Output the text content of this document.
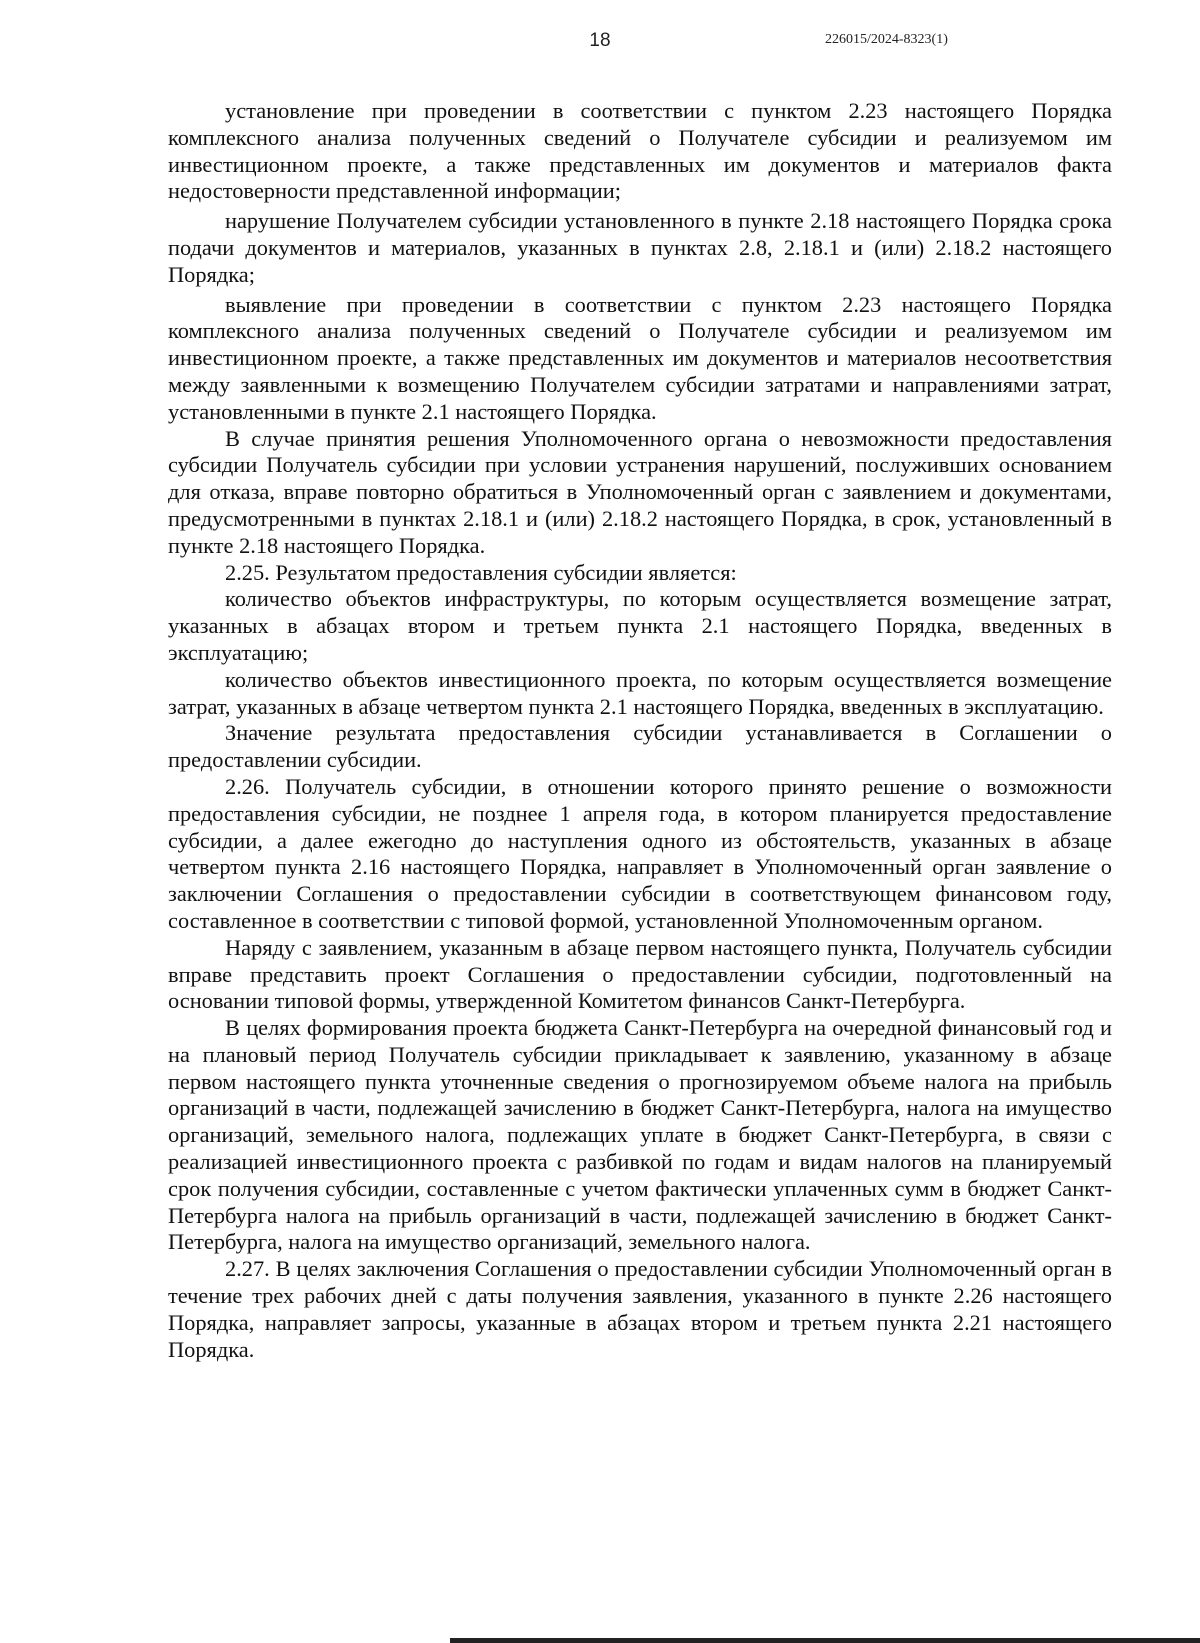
18	226015/2024-8323(1)

установление при проведении в соответствии с пунктом 2.23 настоящего Порядка комплексного анализа полученных сведений о Получателе субсидии и реализуемом им инвестиционном проекте, а также представленных им документов и материалов факта недостоверности представленной информации;

нарушение Получателем субсидии установленного в пункте 2.18 настоящего Порядка срока подачи документов и материалов, указанных в пунктах 2.8, 2.18.1 и (или) 2.18.2 настоящего Порядка;

выявление при проведении в соответствии с пунктом 2.23 настоящего Порядка комплексного анализа полученных сведений о Получателе субсидии и реализуемом им инвестиционном проекте, а также представленных им документов и материалов несоответствия между заявленными к возмещению Получателем субсидии затратами и направлениями затрат, установленными в пункте 2.1 настоящего Порядка.

В случае принятия решения Уполномоченного органа о невозможности предоставления субсидии Получатель субсидии при условии устранения нарушений, послуживших основанием для отказа, вправе повторно обратиться в Уполномоченный орган с заявлением и документами, предусмотренными в пунктах 2.18.1 и (или) 2.18.2 настоящего Порядка, в срок, установленный в пункте 2.18 настоящего Порядка.

2.25. Результатом предоставления субсидии является:

количество объектов инфраструктуры, по которым осуществляется возмещение затрат, указанных в абзацах втором и третьем пункта 2.1 настоящего Порядка, введенных в эксплуатацию;

количество объектов инвестиционного проекта, по которым осуществляется возмещение затрат, указанных в абзаце четвертом пункта 2.1 настоящего Порядка, введенных в эксплуатацию.

Значение результата предоставления субсидии устанавливается в Соглашении о предоставлении субсидии.

2.26. Получатель субсидии, в отношении которого принято решение о возможности предоставления субсидии, не позднее 1 апреля года, в котором планируется предоставление субсидии, а далее ежегодно до наступления одного из обстоятельств, указанных в абзаце четвертом пункта 2.16 настоящего Порядка, направляет в Уполномоченный орган заявление о заключении Соглашения о предоставлении субсидии в соответствующем финансовом году, составленное в соответствии с типовой формой, установленной Уполномоченным органом.

Наряду с заявлением, указанным в абзаце первом настоящего пункта, Получатель субсидии вправе представить проект Соглашения о предоставлении субсидии, подготовленный на основании типовой формы, утвержденной Комитетом финансов Санкт-Петербурга.

В целях формирования проекта бюджета Санкт-Петербурга на очередной финансовый год и на плановый период Получатель субсидии прикладывает к заявлению, указанному в абзаце первом настоящего пункта уточненные сведения о прогнозируемом объеме налога на прибыль организаций в части, подлежащей зачислению в бюджет Санкт-Петербурга, налога на имущество организаций, земельного налога, подлежащих уплате в бюджет Санкт-Петербурга, в связи с реализацией инвестиционного проекта с разбивкой по годам и видам налогов на планируемый срок получения субсидии, составленные с учетом фактически уплаченных сумм в бюджет Санкт-Петербурга налога на прибыль организаций в части, подлежащей зачислению в бюджет Санкт-Петербурга, налога на имущество организаций, земельного налога.

2.27. В целях заключения Соглашения о предоставлении субсидии Уполномоченный орган в течение трех рабочих дней с даты получения заявления, указанного в пункте 2.26 настоящего Порядка, направляет запросы, указанные в абзацах втором и третьем пункта 2.21 настоящего Порядка.
